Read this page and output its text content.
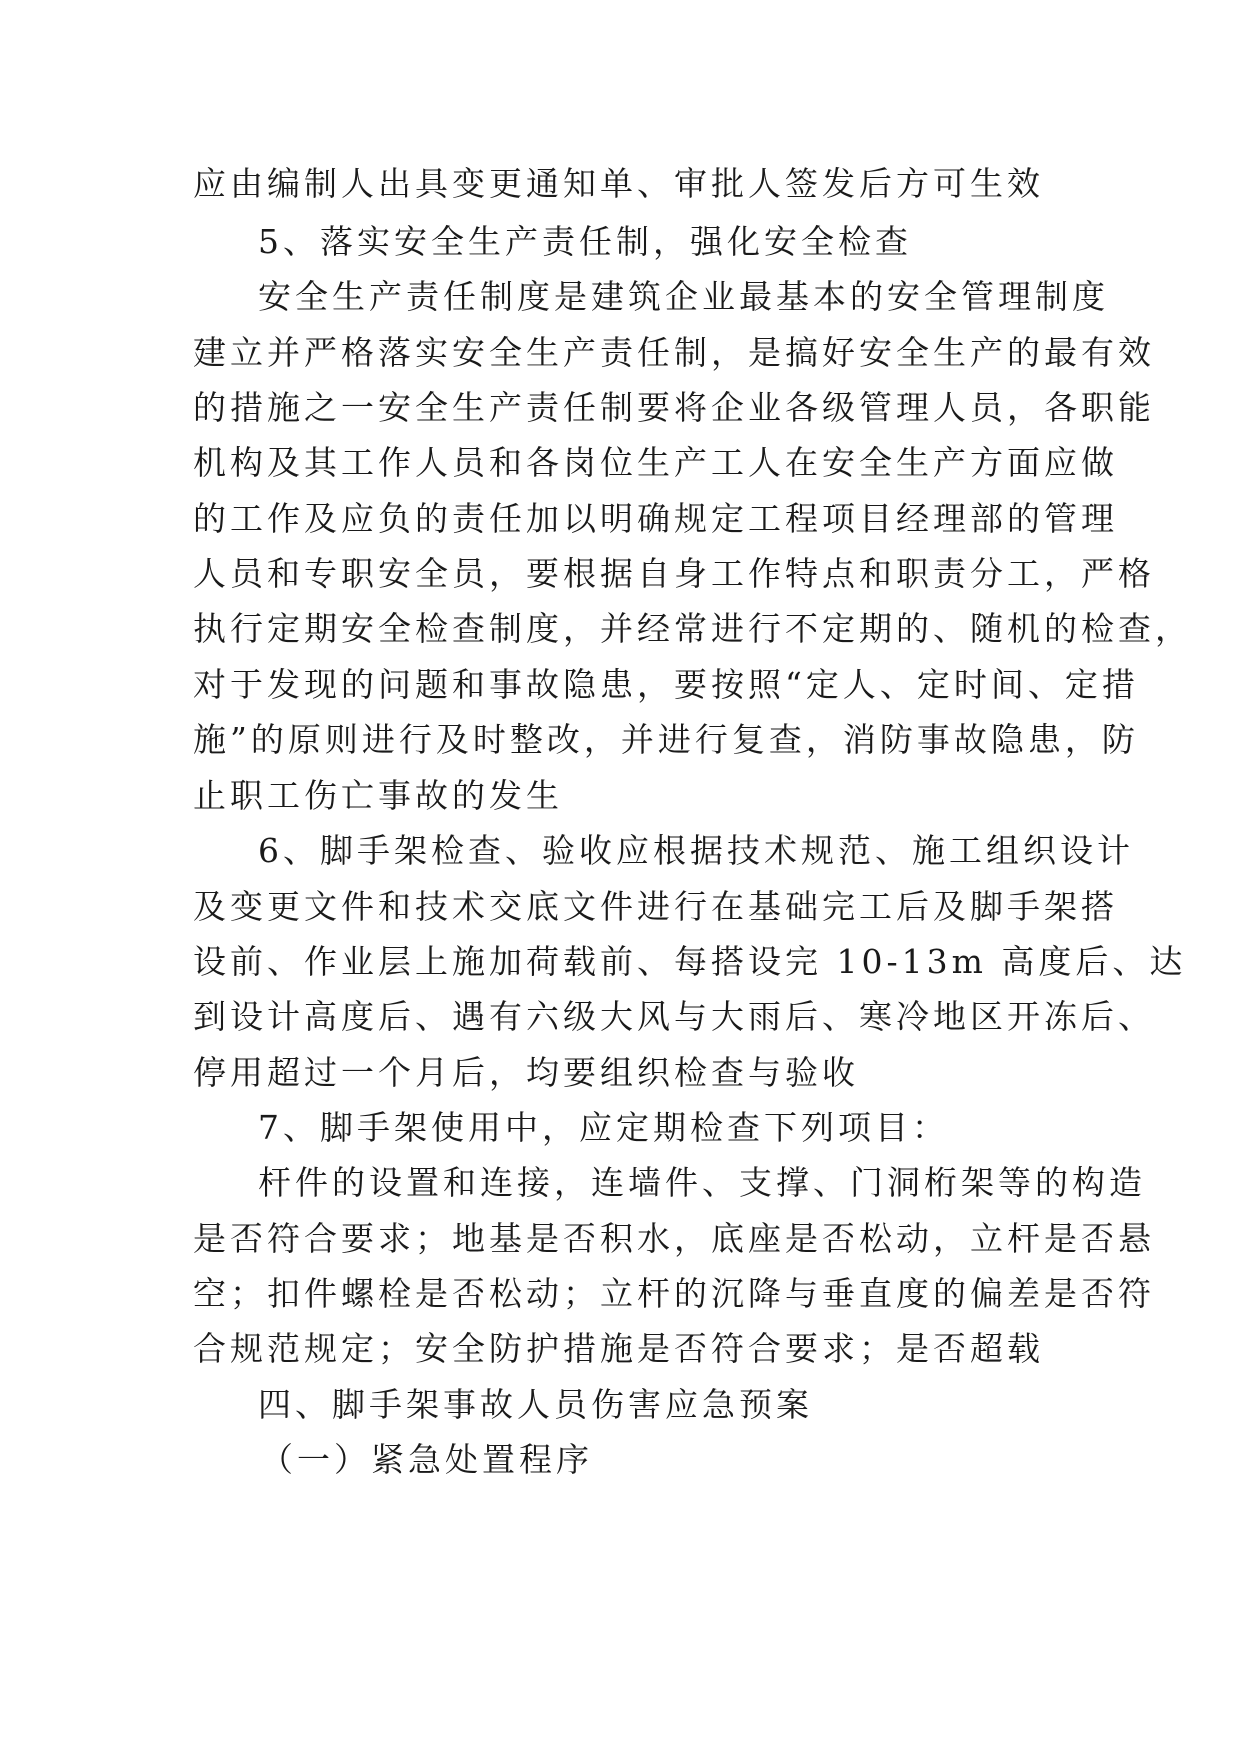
应由编制人出具变更通知单、审批人签发后方可生效
5、落实安全生产责任制，强化安全检查
安全生产责任制度是建筑企业最基本的安全管理制度
建立并严格落实安全生产责任制，是搞好安全生产的最有效
的措施之一安全生产责任制要将企业各级管理人员，各职能
机构及其工作人员和各岗位生产工人在安全生产方面应做
的工作及应负的责任加以明确规定工程项目经理部的管理
人员和专职安全员，要根据自身工作特点和职责分工，严格
执行定期安全检查制度，并经常进行不定期的、随机的检查，
对于发现的问题和事故隐患，要按照“定人、定时间、定措
施”的原则进行及时整改，并进行复查，消防事故隐患，防
止职工伤亡事故的发生
6、脚手架检查、验收应根据技术规范、施工组织设计
及变更文件和技术交底文件进行在基础完工后及脚手架搭
设前、作业层上施加荷载前、每搭设完 10-13m 高度后、达
到设计高度后、遇有六级大风与大雨后、寒冷地区开冻后、
停用超过一个月后，均要组织检查与验收
7、脚手架使用中，应定期检查下列项目：
杆件的设置和连接，连墙件、支撑、门洞桁架等的构造
是否符合要求；地基是否积水，底座是否松动，立杆是否悬
空；扣件螺栓是否松动；立杆的沉降与垂直度的偏差是否符
合规范规定；安全防护措施是否符合要求；是否超载
四、脚手架事故人员伤害应急预案
（一）紧急处置程序
